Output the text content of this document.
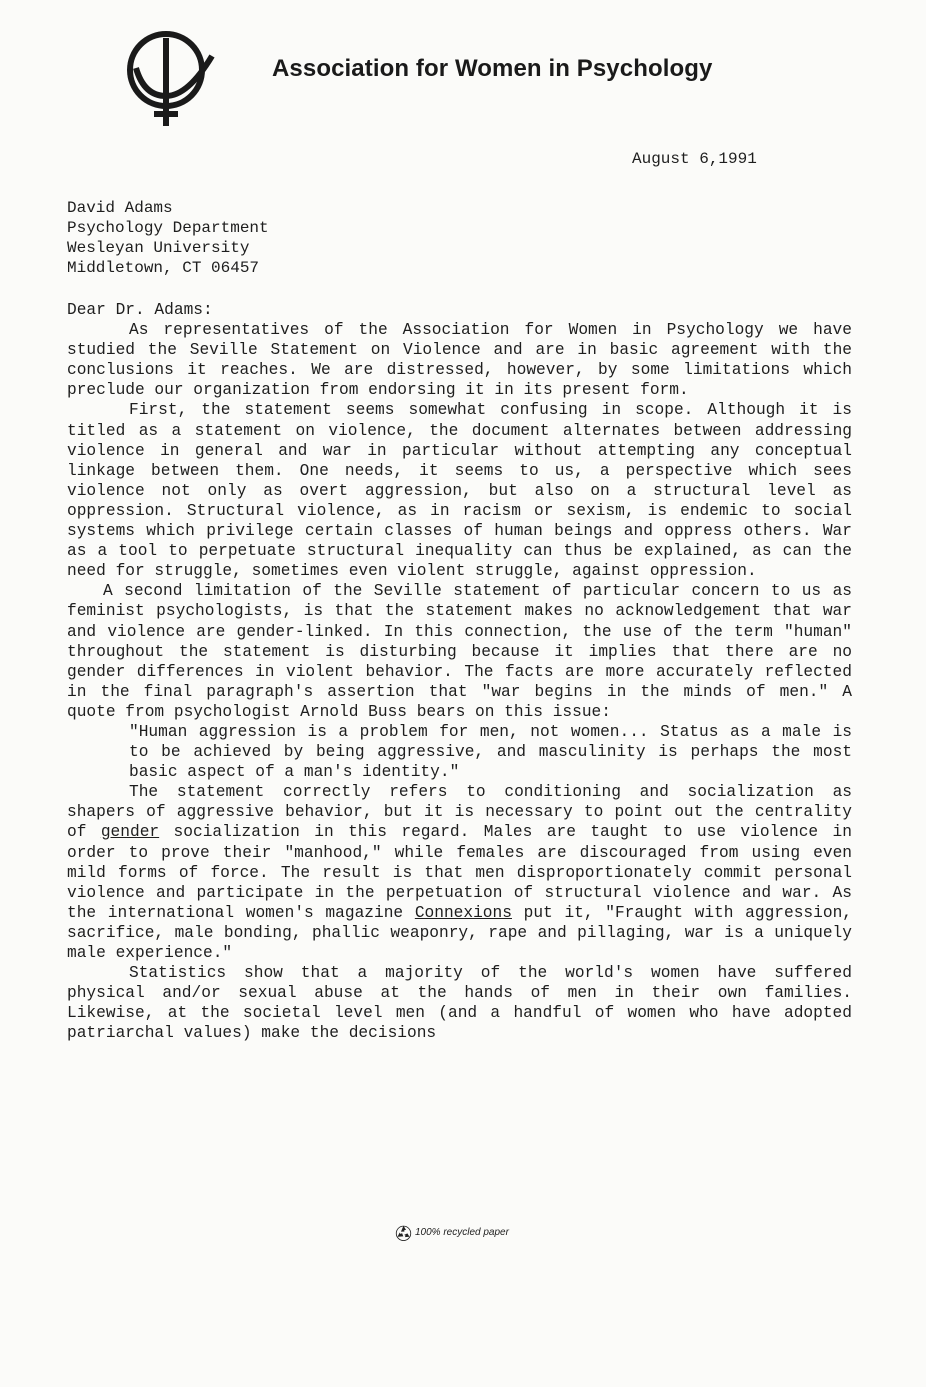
Association for Women in Psychology
August 6,1991
David Adams
Psychology Department
Wesleyan University
Middletown, CT 06457
Dear Dr. Adams:

As representatives of the Association for Women in Psychology we have studied the Seville Statement on Violence and are in basic agreement with the conclusions it reaches. We are distressed, however, by some limitations which preclude our organization from endorsing it in its present form.

First, the statement seems somewhat confusing in scope. Although it is titled as a statement on violence, the document alternates between addressing violence in general and war in particular without attempting any conceptual linkage between them. One needs, it seems to us, a perspective which sees violence not only as overt aggression, but also on a structural level as oppression. Structural violence, as in racism or sexism, is endemic to social systems which privilege certain classes of human beings and oppress others. War as a tool to perpetuate structural inequality can thus be explained, as can the need for struggle, sometimes even violent struggle, against oppression.

A second limitation of the Seville statement of particular concern to us as feminist psychologists, is that the statement makes no acknowledgement that war and violence are gender-linked. In this connection, the use of the term "human" throughout the statement is disturbing because it implies that there are no gender differences in violent behavior. The facts are more accurately reflected in the final paragraph's assertion that "war begins in the minds of men." A quote from psychologist Arnold Buss bears on this issue:

"Human aggression is a problem for men, not women... Status as a male is to be achieved by being aggressive, and masculinity is perhaps the most basic aspect of a man's identity."

The statement correctly refers to conditioning and socialization as shapers of aggressive behavior, but it is necessary to point out the centrality of gender socialization in this regard. Males are taught to use violence in order to prove their "manhood," while females are discouraged from using even mild forms of force. The result is that men disproportionately commit personal violence and participate in the perpetuation of structural violence and war. As the international women's magazine Connexions put it, "Fraught with aggression, sacrifice, male bonding, phallic weaponry, rape and pillaging, war is a uniquely male experience."

Statistics show that a majority of the world's women have suffered physical and/or sexual abuse at the hands of men in their own families. Likewise, at the societal level men (and a handful of women who have adopted patriarchal values) make the decisions

100% recycled paper
